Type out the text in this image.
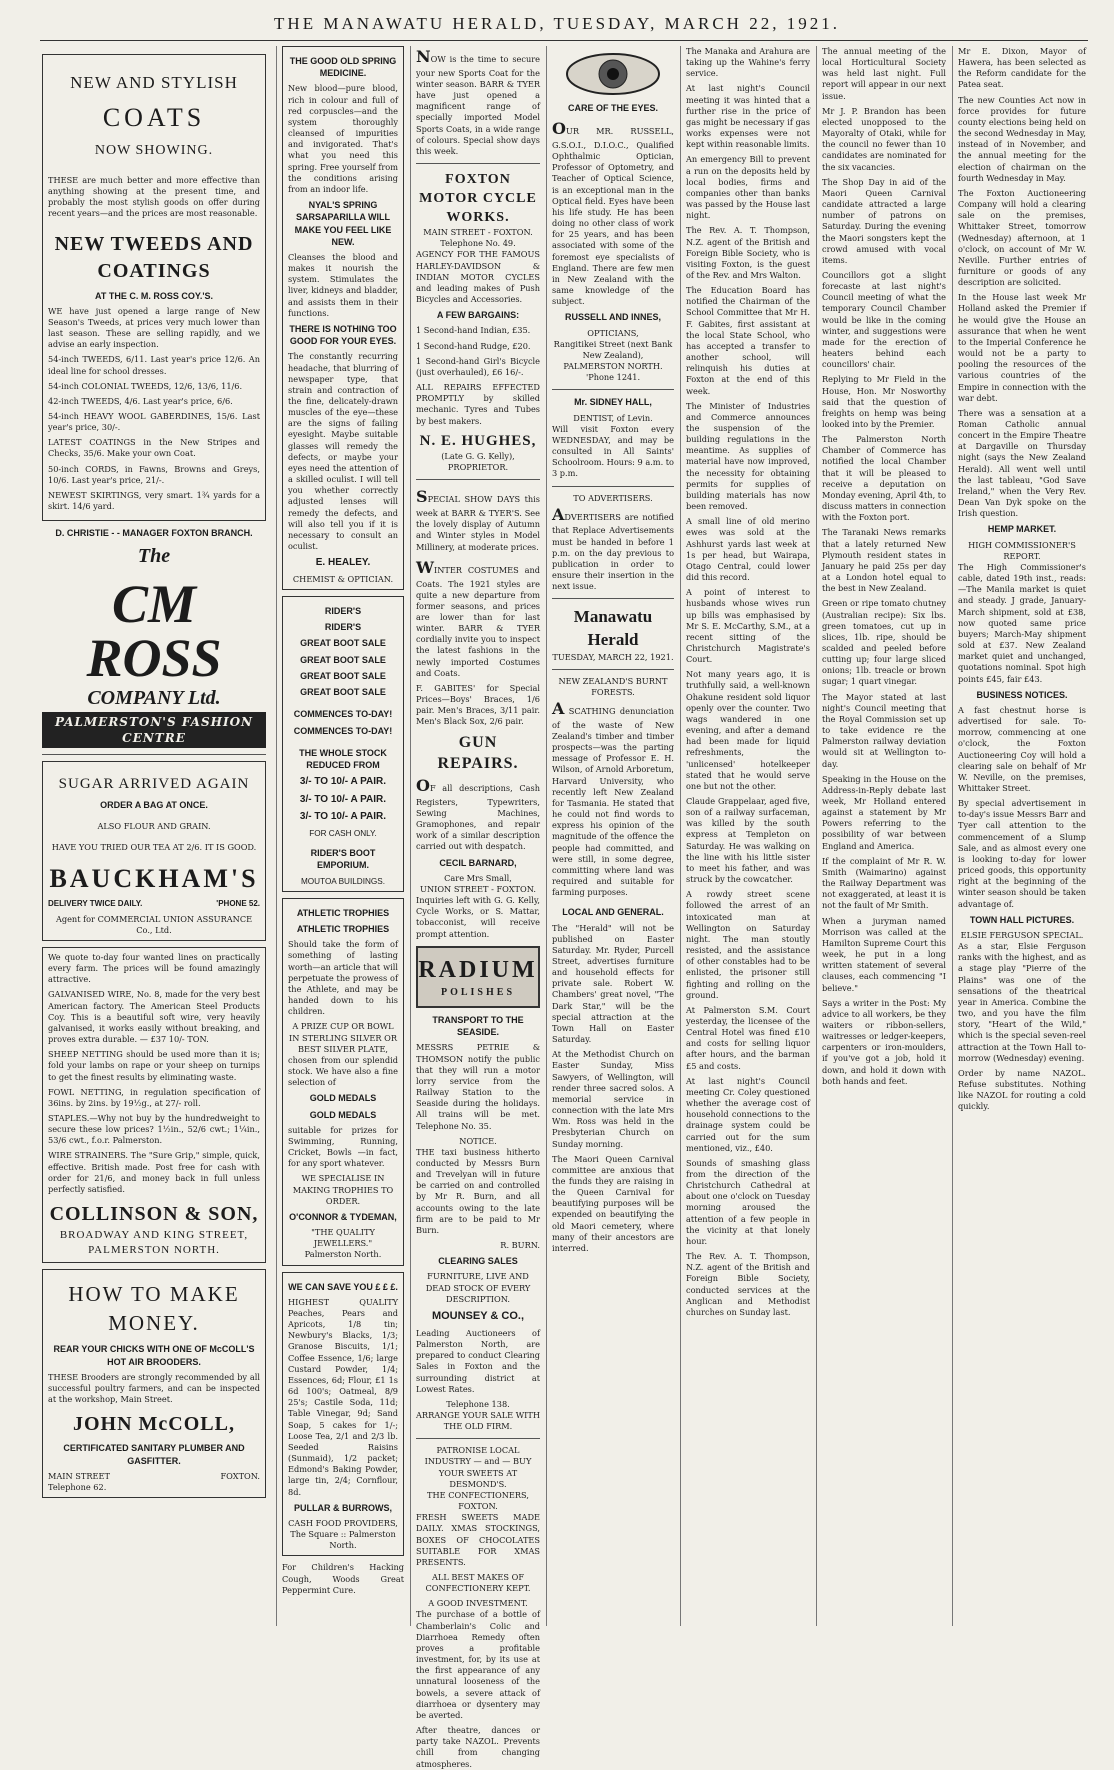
THE MANAWATU HERALD, TUESDAY, MARCH 22, 1921.
NEW AND STYLISH
COATS
NOW SHOWING.

THESE are much better and more effective than anything showing at the present time, and probably the most stylish goods on offer during recent years—and the prices are most reasonable.

NEW TWEEDS AND COATINGS
AT THE C. M. ROSS COY.'S.

WE have just opened a large range of New Season's Tweeds, at prices very much lower than last season. These are selling rapidly, and we advise an early inspection.

54-inch TWEEDS, 6/11. Last year's price 12/6. An ideal line for school dresses.

54-inch COLONIAL TWEEDS, 12/6, 13/6, 11/6.

42-inch TWEEDS, 4/6. Last year's price, 6/6.

54-inch HEAVY WOOL GABERDINES, 15/6. Last year's price, 30/-.

LATEST COATINGS in the New Stripes and Checks, 35/6. Make your own Coat.

50-inch CORDS, in Fawns, Browns and Greys, 10/6. Last year's price, 21/-.

NEWEST SKIRTINGS, very smart. 1¾ yards for a skirt. 14/6 yard.

D. CHRISTIE - - MANAGER FOXTON BRANCH.
The
CM ROSS
COMPANY Ltd.
PALMERSTON'S FASHION CENTRE
SUGAR ARRIVED AGAIN
ORDER A BAG AT ONCE.
ALSO FLOUR AND GRAIN.
HAVE YOU TRIED OUR TEA AT 2/6. IT IS GOOD.
BAUCKHAM'S
DELIVERY TWICE DAILY.	'PHONE 52.
Agent for COMMERCIAL UNION ASSURANCE Co., Ltd.

We quote to-day four wanted lines on practically every farm. The prices will be found amazingly attractive.

GALVANISED WIRE, No. 8, made for the very best American factory. The American Steel Products Coy. This is a beautiful soft wire, very heavily galvanised, it works easily without breaking, and proves extra durable. — £37 10/- TON.

SHEEP NETTING should be used more than it is; fold your lambs on rape or your sheep on turnips to get the finest results by eliminating waste.

FOWL NETTING, in regulation specification of 36ins. by 2ins. by 19½g., at 27/- roll.

STAPLES.—Why not buy by the hundredweight to secure these low prices? 1½in., 52/6 cwt.; 1¼in., 53/6 cwt., f.o.r. Palmerston.

WIRE STRAINERS. The "Sure Grip," simple, quick, effective. British made. Post free for cash with order for 21/6, and money back in full unless perfectly satisfied.

COLLINSON & SON,
BROADWAY AND KING STREET,
PALMERSTON NORTH.
HOW TO MAKE MONEY.
REAR YOUR CHICKS WITH ONE OF McCOLL'S HOT AIR BROODERS.

THESE Brooders are strongly recommended by all successful poultry farmers, and can be inspected at the workshop, Main Street.

JOHN McCOLL,
CERTIFICATED SANITARY PLUMBER AND GASFITTER.
MAIN STREET	FOXTON.
Telephone 62.
THE GOOD OLD SPRING MEDICINE.

New blood—pure blood, rich in colour and full of red corpuscles—and the system thoroughly cleansed of impurities and invigorated. That's what you need this spring. Free yourself from the conditions arising from an indoor life.

NYAL'S SPRING SARSAPARILLA WILL MAKE YOU FEEL LIKE NEW.

Cleanses the blood and makes it nourish the system. Stimulates the liver, kidneys and bladder, and assists them in their functions.

THERE IS NOTHING TOO GOOD FOR YOUR EYES.

The constantly recurring headache, that blurring of newspaper type, that strain and contraction of the fine, delicately-drawn muscles of the eye—these are the signs of failing eyesight. Maybe suitable glasses will remedy the defects, or maybe your eyes need the attention of a skilled oculist. I will tell you whether correctly adjusted lenses will remedy the defects, and will also tell you if it is necessary to consult an oculist.

E. HEALEY.
CHEMIST & OPTICIAN.
RIDER'S
RIDER'S
GREAT BOOT SALE
GREAT BOOT SALE
GREAT BOOT SALE
GREAT BOOT SALE
COMMENCES TO-DAY!
COMMENCES TO-DAY!
THE WHOLE STOCK REDUCED FROM
3/- TO 10/- A PAIR.
3/- TO 10/- A PAIR.
3/- TO 10/- A PAIR.
FOR CASH ONLY.
RIDER'S BOOT EMPORIUM.
MOUTOA BUILDINGS.
ATHLETIC TROPHIES
ATHLETIC TROPHIES

Should take the form of something of lasting worth—an article that will perpetuate the prowess of the Athlete, and may be handed down to his children.

A PRIZE CUP OR BOWL IN STERLING SILVER OR BEST SILVER PLATE,

chosen from our splendid stock. We have also a fine selection of

GOLD MEDALS
GOLD MEDALS

suitable for prizes for Swimming, Running, Cricket, Bowls —in fact, for any sport whatever.

WE SPECIALISE IN MAKING TROPHIES TO ORDER.
O'CONNOR & TYDEMAN,
"THE QUALITY JEWELLERS."
Palmerston North.
WE CAN SAVE YOU £ £ £.

HIGHEST QUALITY Peaches, Pears and Apricots, 1/8 tin; Newbury's Blacks, 1/3; Granose Biscuits, 1/1; Coffee Essence, 1/6; large Custard Powder, 1/4; Essences, 6d; Flour, £1 1s 6d 100's; Oatmeal, 8/9 25's; Castile Soda, 11d; Table Vinegar, 9d; Sand Soap, 5 cakes for 1/-; Loose Tea, 2/1 and 2/3 lb. Seeded Raisins (Sunmaid), 1/2 packet; Edmond's Baking Powder, large tin, 2/4; Cornflour, 8d.

PULLAR & BURROWS,
CASH FOOD PROVIDERS,
The Square :: Palmerston North.

For Children's Hacking Cough, Woods Great Peppermint Cure.

NOW is the time to secure your new Sports Coat for the winter season. BARR & TYER have just opened a magnificent range of specially imported Model Sports Coats, in a wide range of colours. Special show days this week.

FOXTON MOTOR CYCLE WORKS.
MAIN STREET - FOXTON.
Telephone No. 49.

AGENCY FOR THE FAMOUS HARLEY-DAVIDSON & INDIAN MOTOR CYCLES and leading makes of Push Bicycles and Accessories.

A FEW BARGAINS:

1 Second-hand Indian, £35.

1 Second-hand Rudge, £20.

1 Second-hand Girl's Bicycle (just overhauled), £6 16/-.

ALL REPAIRS EFFECTED PROMPTLY by skilled mechanic. Tyres and Tubes by best makers.

N. E. HUGHES,
(Late G. G. Kelly),
PROPRIETOR.

SPECIAL SHOW DAYS this week at BARR & TYER'S. See the lovely display of Autumn and Winter styles in Model Millinery, at moderate prices.

WINTER COSTUMES and Coats. The 1921 styles are quite a new departure from former seasons, and prices are lower than for last winter. BARR & TYER cordially invite you to inspect the latest fashions in the newly imported Costumes and Coats.

F. GABITES' for Special Prices—Boys' Braces, 1/6 pair. Men's Braces, 3/11 pair. Men's Black Sox, 2/6 pair.

GUN REPAIRS.

OF all descriptions, Cash Registers, Typewriters, Sewing Machines, Gramophones, and repair work of a similar description carried out with despatch.

CECIL BARNARD,
Care Mrs Small,
UNION STREET - FOXTON.

Inquiries left with G. G. Kelly, Cycle Works, or S. Mattar, tobacconist, will receive prompt attention.

RADIUM
POLISHES
TRANSPORT TO THE SEASIDE.

MESSRS PETRIE & THOMSON notify the public that they will run a motor lorry service from the Railway Station to the Seaside during the holidays. All trains will be met. Telephone No. 35.

NOTICE.

THE taxi business hitherto conducted by Messrs Burn and Trevelyan will in future be carried on and controlled by Mr R. Burn, and all accounts owing to the late firm are to be paid to Mr Burn.

R. BURN.
CLEARING SALES
FURNITURE, LIVE AND DEAD STOCK OF EVERY DESCRIPTION.
MOUNSEY & CO.,

Leading Auctioneers of Palmerston North, are prepared to conduct Clearing Sales in Foxton and the surrounding district at Lowest Rates.

Telephone 138.
ARRANGE YOUR SALE WITH THE OLD FIRM.
PATRONISE LOCAL INDUSTRY — and — BUY YOUR SWEETS AT DESMOND'S.
THE CONFECTIONERS, FOXTON.

FRESH SWEETS MADE DAILY. XMAS STOCKINGS, BOXES OF CHOCOLATES SUITABLE FOR XMAS PRESENTS.

ALL BEST MAKES OF CONFECTIONERY KEPT.
A GOOD INVESTMENT.

The purchase of a bottle of Chamberlain's Colic and Diarrhoea Remedy often proves a profitable investment, for, by its use at the first appearance of any unnatural looseness of the bowels, a severe attack of diarrhoea or dysentery may be averted.

After theatre, dances or party take NAZOL. Prevents chill from changing atmospheres.

CARE OF THE EYES.

OUR MR. RUSSELL, G.S.O.I., D.I.O.C., Qualified Ophthalmic Optician, Professor of Optometry, and Teacher of Optical Science, is an exceptional man in the Optical field. Eyes have been his life study. He has been doing no other class of work for 25 years, and has been associated with some of the foremost eye specialists of England. There are few men in New Zealand with the same knowledge of the subject.

RUSSELL AND INNES,
OPTICIANS,
Rangitikei Street (next Bank New Zealand), PALMERSTON NORTH.
'Phone 1241.
Mr. SIDNEY HALL,
DENTIST, of Levin.

Will visit Foxton every WEDNESDAY, and may be consulted in All Saints' Schoolroom. Hours: 9 a.m. to 3 p.m.

TO ADVERTISERS.

ADVERTISERS are notified that Replace Advertisements must be handed in before 1 p.m. on the day previous to publication in order to ensure their insertion in the next issue.

Manawatu Herald
TUESDAY, MARCH 22, 1921.
NEW ZEALAND'S BURNT FORESTS.

A SCATHING denunciation of the waste of New Zealand's timber and timber prospects—was the parting message of Professor E. H. Wilson, of Arnold Arboretum, Harvard University, who recently left New Zealand for Tasmania. He stated that he could not find words to express his opinion of the magnitude of the offence the people had committed, and were still, in some degree, committing where land was required and suitable for farming purposes.

LOCAL AND GENERAL.

The "Herald" will not be published on Easter Saturday. Mr. Ryder, Purcell Street, advertises furniture and household effects for private sale. Robert W. Chambers' great novel, "The Dark Star," will be the special attraction at the Town Hall on Easter Saturday.

At the Methodist Church on Easter Sunday, Miss Sawyers, of Wellington, will render three sacred solos. A memorial service in connection with the late Mrs Wm. Ross was held in the Presbyterian Church on Sunday morning.

The Maori Queen Carnival committee are anxious that the funds they are raising in the Queen Carnival for beautifying purposes will be expended on beautifying the old Maori cemetery, where many of their ancestors are interred.

The Manaka and Arahura are taking up the Wahine's ferry service.

At last night's Council meeting it was hinted that a further rise in the price of gas might be necessary if gas works expenses were not kept within reasonable limits.

An emergency Bill to prevent a run on the deposits held by local bodies, firms and companies other than banks was passed by the House last night.

The Rev. A. T. Thompson, N.Z. agent of the British and Foreign Bible Society, who is visiting Foxton, is the guest of the Rev. and Mrs Walton.

The Education Board has notified the Chairman of the School Committee that Mr H. F. Gabites, first assistant at the local State School, who has accepted a transfer to another school, will relinquish his duties at Foxton at the end of this week.

The Minister of Industries and Commerce announces the suspension of the building regulations in the meantime. As supplies of material have now improved, the necessity for obtaining permits for supplies of building materials has now been removed.

A small line of old merino ewes was sold at the Ashhurst yards last week at 1s per head, but Wairapa, Otago Central, could lower did this record.

A point of interest to husbands whose wives run up bills was emphasised by Mr S. E. McCarthy, S.M., at a recent sitting of the Christchurch Magistrate's Court.

Not many years ago, it is truthfully said, a well-known Ohakune resident sold liquor openly over the counter. Two wags wandered in one evening, and after a demand had been made for liquid refreshments, the 'unlicensed' hotelkeeper stated that he would serve one but not the other.

Claude Grappelaar, aged five, son of a railway surfaceman, was killed by the south express at Templeton on Saturday. He was walking on the line with his little sister to meet his father, and was struck by the cowcatcher.

A rowdy street scene followed the arrest of an intoxicated man at Wellington on Saturday night. The man stoutly resisted, and the assistance of other constables had to be enlisted, the prisoner still fighting and rolling on the ground.

At Palmerston S.M. Court yesterday, the licensee of the Central Hotel was fined £10 and costs for selling liquor after hours, and the barman £5 and costs.

At last night's Council meeting Cr. Coley questioned whether the average cost of household connections to the drainage system could be carried out for the sum mentioned, viz., £40.

Sounds of smashing glass from the direction of the Christchurch Cathedral at about one o'clock on Tuesday morning aroused the attention of a few people in the vicinity at that lonely hour.

The Rev. A. T. Thompson, N.Z. agent of the British and Foreign Bible Society, conducted services at the Anglican and Methodist churches on Sunday last.

The annual meeting of the local Horticultural Society was held last night. Full report will appear in our next issue.

Mr J. P. Brandon has been elected unopposed to the Mayoralty of Otaki, while for the council no fewer than 10 candidates are nominated for the six vacancies.

The Shop Day in aid of the Maori Queen Carnival candidate attracted a large number of patrons on Saturday. During the evening the Maori songsters kept the crowd amused with vocal items.

Councillors got a slight forecaste at last night's Council meeting of what the temporary Council Chamber would be like in the coming winter, and suggestions were made for the erection of heaters behind each councillors' chair.

Replying to Mr Field in the House, Hon. Mr Nosworthy said that the question of freights on hemp was being looked into by the Premier.

The Palmerston North Chamber of Commerce has notified the local Chamber that it will be pleased to receive a deputation on Monday evening, April 4th, to discuss matters in connection with the Foxton port.

The Taranaki News remarks that a lately returned New Plymouth resident states in January he paid 25s per day at a London hotel equal to the best in New Zealand.

Green or ripe tomato chutney (Australian recipe): Six lbs. green tomatoes, cut up in slices, 1lb. ripe, should be scalded and peeled before cutting up; four large sliced onions; 1lb. treacle or brown sugar; 1 quart vinegar.

The Mayor stated at last night's Council meeting that the Royal Commission set up to take evidence re the Palmerston railway deviation would sit at Wellington to-day.

Speaking in the House on the Address-in-Reply debate last week, Mr Holland entered against a statement by Mr Powers referring to the possibility of war between England and America.

If the complaint of Mr R. W. Smith (Waimarino) against the Railway Department was not exaggerated, at least it is not the fault of Mr Smith.

When a juryman named Morrison was called at the Hamilton Supreme Court this week, he put in a long written statement of several clauses, each commencing "I believe."

Says a writer in the Post: My advice to all workers, be they waiters or ribbon-sellers, waitresses or ledger-keepers, carpenters or iron-moulders, if you've got a job, hold it down, and hold it down with both hands and feet.

Mr E. Dixon, Mayor of Hawera, has been selected as the Reform candidate for the Patea seat.

The new Counties Act now in force provides for future county elections being held on the second Wednesday in May, instead of in November, and the annual meeting for the election of chairman on the fourth Wednesday in May.

The Foxton Auctioneering Company will hold a clearing sale on the premises, Whittaker Street, tomorrow (Wednesday) afternoon, at 1 o'clock, on account of Mr W. Neville. Further entries of furniture or goods of any description are solicited.

In the House last week Mr Holland asked the Premier if he would give the House an assurance that when he went to the Imperial Conference he would not be a party to pooling the resources of the various countries of the Empire in connection with the war debt.

There was a sensation at a Roman Catholic annual concert in the Empire Theatre at Dargaville on Thursday night (says the New Zealand Herald). All went well until the last tableau, "God Save Ireland," when the Very Rev. Dean Van Dyk spoke on the Irish question.

HEMP MARKET.
HIGH COMMISSIONER'S REPORT.

The High Commissioner's cable, dated 19th inst., reads:—The Manila market is quiet and steady. J grade, January-March shipment, sold at £38, now quoted same price buyers; March-May shipment sold at £37. New Zealand market quiet and unchanged, quotations nominal. Spot high points £45, fair £43.

BUSINESS NOTICES.

A fast chestnut horse is advertised for sale. To-morrow, commencing at one o'clock, the Foxton Auctioneering Coy will hold a clearing sale on behalf of Mr W. Neville, on the premises, Whittaker Street.

By special advertisement in to-day's issue Messrs Barr and Tyer call attention to the commencement of a Slump Sale, and as almost every one is looking to-day for lower priced goods, this opportunity right at the beginning of the winter season should be taken advantage of.

TOWN HALL PICTURES.
ELSIE FERGUSON SPECIAL.

As a star, Elsie Ferguson ranks with the highest, and as a stage play "Pierre of the Plains" was one of the sensations of the theatrical year in America. Combine the two, and you have the film story, "Heart of the Wild," which is the special seven-reel attraction at the Town Hall to-morrow (Wednesday) evening.

Order by name NAZOL. Refuse substitutes. Nothing like NAZOL for routing a cold quickly.
